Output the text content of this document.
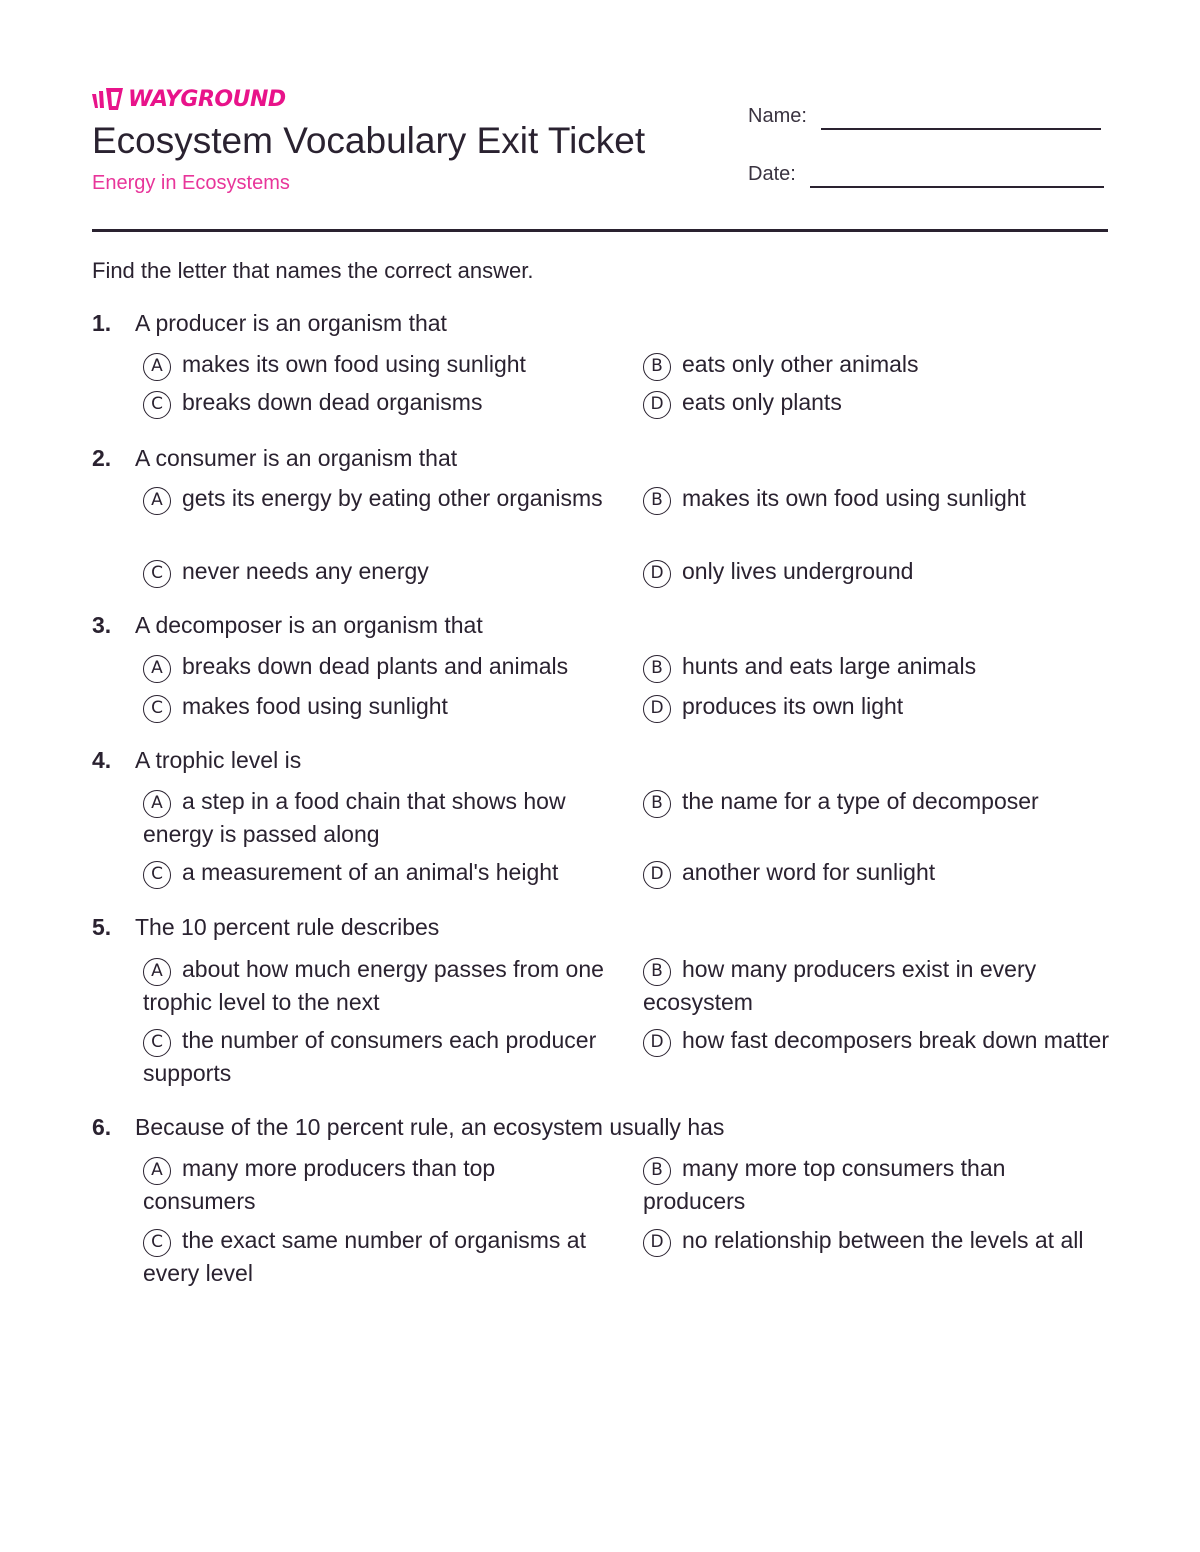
WAYGROUND
Ecosystem Vocabulary Exit Ticket
Energy in Ecosystems
Name:
Date:
Find the letter that names the correct answer.
1.	A producer is an organism that
A makes its own food using sunlight	B eats only other animals
C breaks down dead organisms	D eats only plants
2.	A consumer is an organism that
A gets its energy by eating other organisms	B makes its own food using sunlight
C never needs any energy	D only lives underground
3.	A decomposer is an organism that
A breaks down dead plants and animals	B hunts and eats large animals
C makes food using sunlight	D produces its own light
4.	A trophic level is
A a step in a food chain that shows how energy is passed along
B the name for a type of decomposer
C a measurement of an animal's height	D another word for sunlight
5.	The 10 percent rule describes
A about how much energy passes from one trophic level to the next
B how many producers exist in every ecosystem
C the number of consumers each producer supports
D how fast decomposers break down matter
6.	Because of the 10 percent rule, an ecosystem usually has
A many more producers than top consumers
B many more top consumers than producers
C the exact same number of organisms at every level
D no relationship between the levels at all
